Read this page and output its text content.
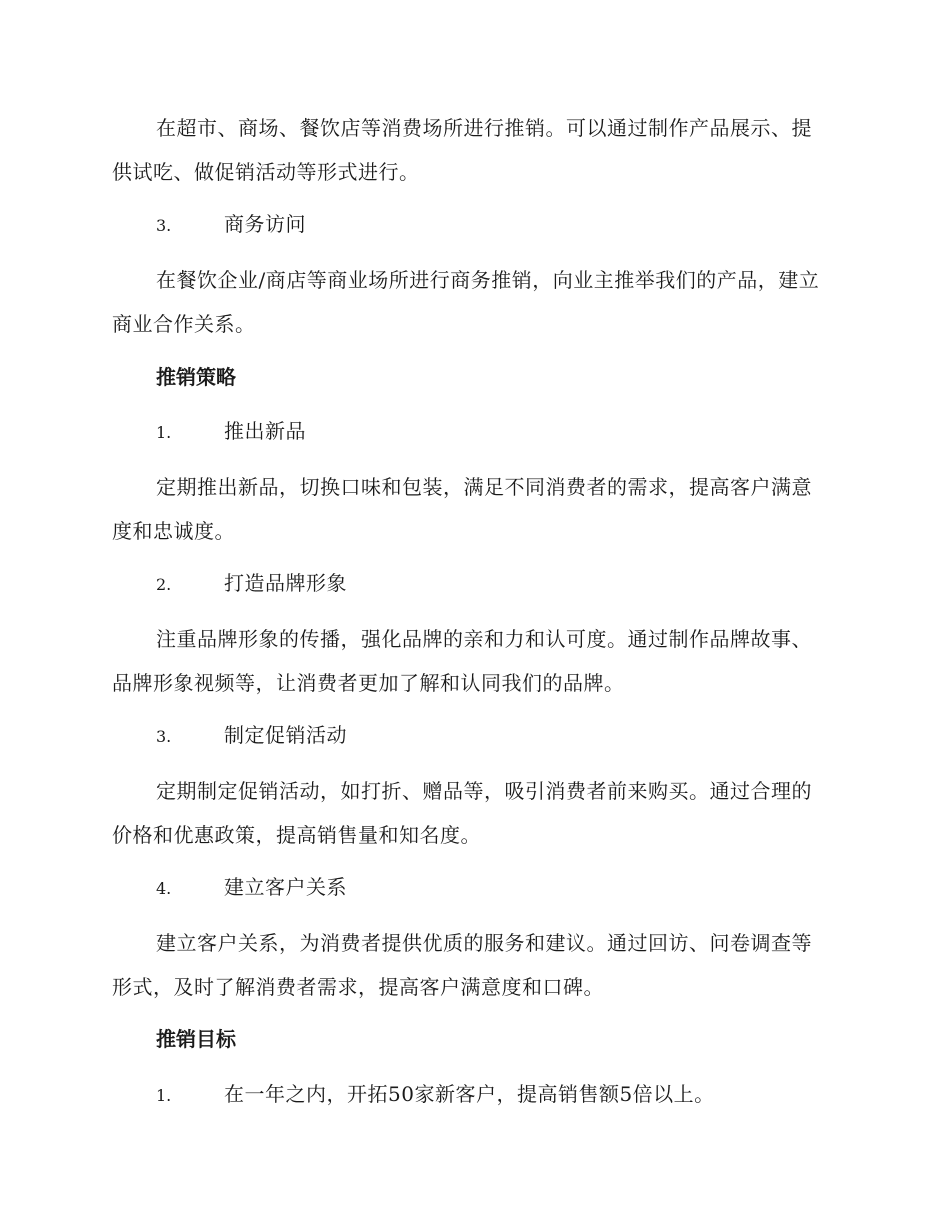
在超市、商场、餐饮店等消费场所进行推销。可以通过制作产品展示、提供试吃、做促销活动等形式进行。

3.	商务访问

在餐饮企业/商店等商业场所进行商务推销，向业主推举我们的产品，建立商业合作关系。

推销策略
1.	推出新品

定期推出新品，切换口味和包装，满足不同消费者的需求，提高客户满意度和忠诚度。

2.	打造品牌形象

注重品牌形象的传播，强化品牌的亲和力和认可度。通过制作品牌故事、品牌形象视频等，让消费者更加了解和认同我们的品牌。

3.	制定促销活动

定期制定促销活动，如打折、赠品等，吸引消费者前来购买。通过合理的价格和优惠政策，提高销售量和知名度。

4.	建立客户关系

建立客户关系，为消费者提供优质的服务和建议。通过回访、问卷调查等形式，及时了解消费者需求，提高客户满意度和口碑。

推销目标
1.	在一年之内，开拓50家新客户，提高销售额5倍以上。
